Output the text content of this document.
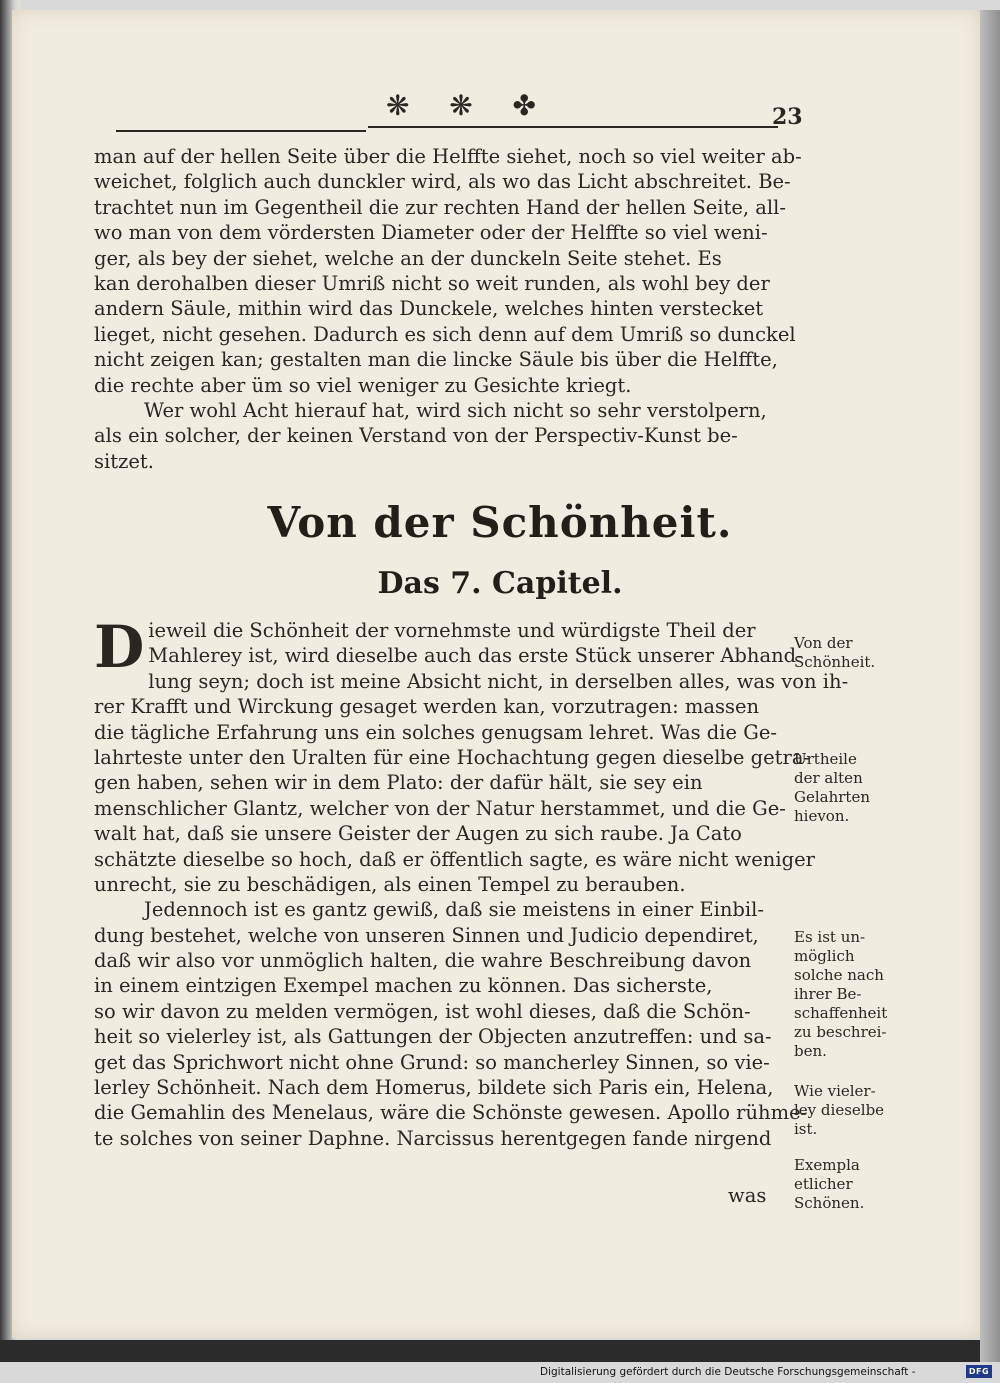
❋ ❋ ✤	23
man auf der hellen Seite über die Helffte siehet, noch so viel weiter ab-
weichet, folglich auch dunckler wird, als wo das Licht abschreitet. Be-
trachtet nun im Gegentheil die zur rechten Hand der hellen Seite, all-
wo man von dem vördersten Diameter oder der Helffte so viel weni-
ger, als bey der siehet, welche an der dunckeln Seite stehet. Es
kan derohalben dieser Umriß nicht so weit runden, als wohl bey der
andern Säule, mithin wird das Dunckele, welches hinten verstecket
lieget, nicht gesehen. Dadurch es sich denn auf dem Umriß so dunckel
nicht zeigen kan; gestalten man die lincke Säule bis über die Helffte,
die rechte aber üm so viel weniger zu Gesichte kriegt.
Wer wohl Acht hierauf hat, wird sich nicht so sehr verstolpern,
als ein solcher, der keinen Verstand von der Perspectiv-Kunst be-
sitzet.
Von der Schönheit.
Das 7. Capitel.
D ieweil die Schönheit der vornehmste und würdigste Theil der
Mahlerey ist, wird dieselbe auch das erste Stück unserer Abhand-
lung seyn; doch ist meine Absicht nicht, in derselben alles, was von ih-
rer Krafft und Wirckung gesaget werden kan, vorzutragen: massen
die tägliche Erfahrung uns ein solches genugsam lehret. Was die Ge-
lahrteste unter den Uralten für eine Hochachtung gegen dieselbe getra-
gen haben, sehen wir in dem Plato: der dafür hält, sie sey ein
menschlicher Glantz, welcher von der Natur herstammet, und die Ge-
walt hat, daß sie unsere Geister der Augen zu sich raube. Ja Cato
schätzte dieselbe so hoch, daß er öffentlich sagte, es wäre nicht weniger
unrecht, sie zu beschädigen, als einen Tempel zu berauben.
Jedennoch ist es gantz gewiß, daß sie meistens in einer Einbil-
dung bestehet, welche von unseren Sinnen und Judicio dependiret,
daß wir also vor unmöglich halten, die wahre Beschreibung davon
in einem eintzigen Exempel machen zu können. Das sicherste,
so wir davon zu melden vermögen, ist wohl dieses, daß die Schön-
heit so vielerley ist, als Gattungen der Objecten anzutreffen: und sa-
get das Sprichwort nicht ohne Grund: so mancherley Sinnen, so vie-
lerley Schönheit. Nach dem Homerus, bildete sich Paris ein, Helena,
die Gemahlin des Menelaus, wäre die Schönste gewesen. Apollo rühme-
te solches von seiner Daphne. Narcissus herentgegen fande nirgend
was
Von der
Schönheit.
Urtheile
der alten
Gelahrten
hievon.
Es ist un-
möglich
solche nach
ihrer Be-
schaffenheit
zu beschrei-
ben.
Wie vieler-
ley dieselbe
ist.
Exempla
etlicher
Schönen.
Digitalisierung gefördert durch die Deutsche Forschungsgemeinschaft -	DFG
